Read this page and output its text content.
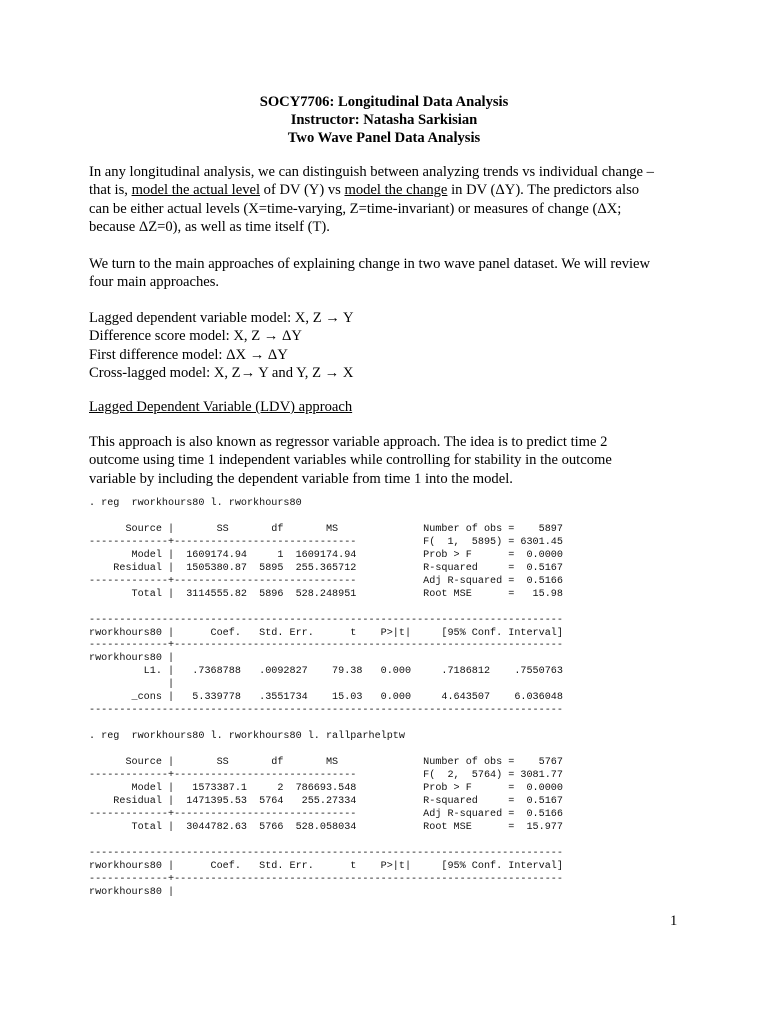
SOCY7706: Longitudinal Data Analysis
Instructor: Natasha Sarkisian
Two Wave Panel Data Analysis

In any longitudinal analysis, we can distinguish between analyzing trends vs individual change –

that is, model the actual level of DV (Y) vs model the change in DV (ΔY). The predictors also

can be either actual levels (X=time-varying, Z=time-invariant) or measures of change (ΔX;

because ΔZ=0), as well as time itself (T).

We turn to the main approaches of explaining change in two wave panel dataset. We will review

four main approaches.

Lagged dependent variable model: X, Z → Y

Difference score model: X, Z → ΔY

First difference model: ΔX → ΔY

Cross-lagged model: X, Z→ Y and Y, Z → X

Lagged Dependent Variable (LDV) approach

This approach is also known as regressor variable approach. The idea is to predict time 2

outcome using time 1 independent variables while controlling for stability in the outcome

variable by including the dependent variable from time 1 into the model.

. reg  rworkhours80 l. rworkhours80

Source |       SS       df       MS              Number of obs =    5897
-------------+------------------------------           F(  1,  5895) = 6301.45
Model |  1609174.94     1  1609174.94           Prob > F      =  0.0000
Residual |  1505380.87  5895  255.365712           R-squared     =  0.5167
-------------+------------------------------           Adj R-squared =  0.5166
Total |  3114555.82  5896  528.248951           Root MSE      =   15.98

------------------------------------------------------------------------------
rworkhours80 |      Coef.   Std. Err.      t    P>|t|     [95% Conf. Interval]
-------------+----------------------------------------------------------------
rworkhours80 |
L1. |   .7368788   .0092827    79.38   0.000     .7186812    .7550763
|
_cons |   5.339778   .3551734    15.03   0.000     4.643507    6.036048
------------------------------------------------------------------------------

. reg  rworkhours80 l. rworkhours80 l. rallparhelptw

Source |       SS       df       MS              Number of obs =    5767
-------------+------------------------------           F(  2,  5764) = 3081.77
Model |   1573387.1     2  786693.548           Prob > F      =  0.0000
Residual |  1471395.53  5764   255.27334           R-squared     =  0.5167
-------------+------------------------------           Adj R-squared =  0.5166
Total |  3044782.63  5766  528.058034           Root MSE      =  15.977

------------------------------------------------------------------------------
rworkhours80 |      Coef.   Std. Err.      t    P>|t|     [95% Conf. Interval]
-------------+----------------------------------------------------------------
rworkhours80 |
1
